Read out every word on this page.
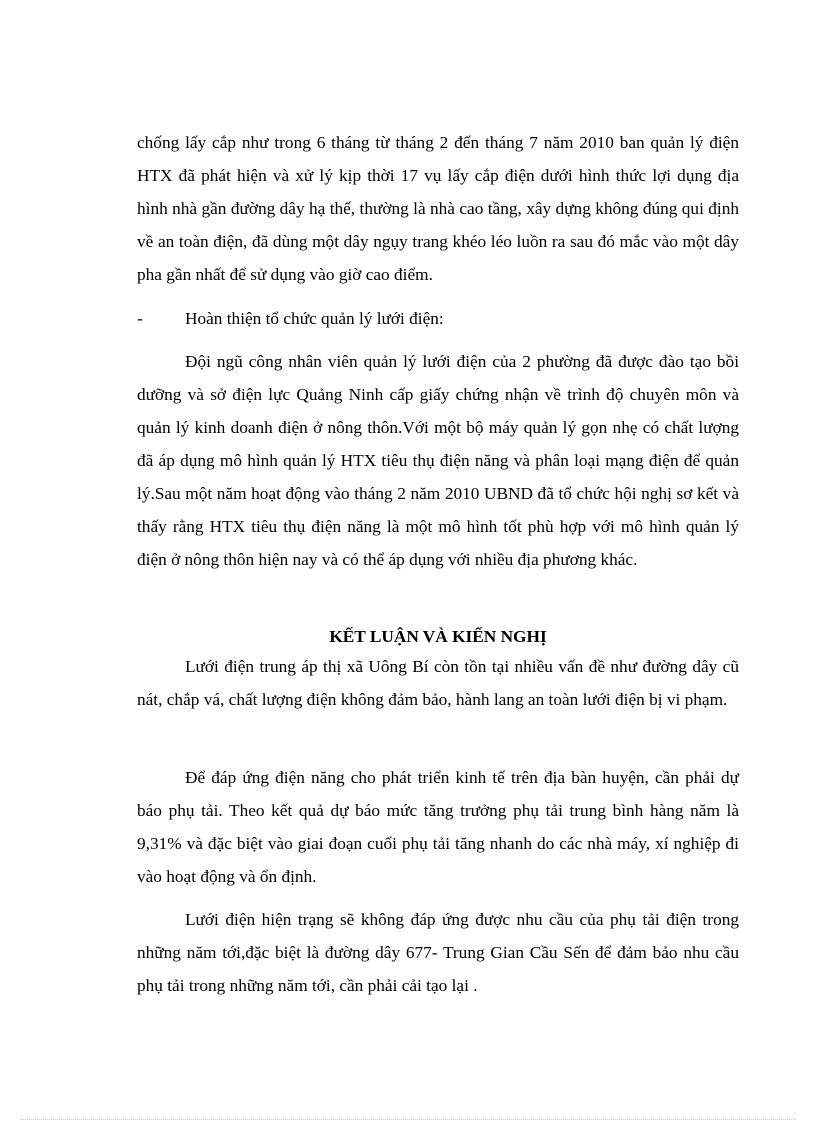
chống lấy cắp như trong 6 tháng từ tháng 2 đến tháng 7 năm 2010 ban quản lý điện HTX đã phát hiện và xử lý kịp thời 17 vụ lấy cắp điện dưới hình thức lợi dụng địa hình nhà gần đường dây hạ thế, thường là nhà cao tầng, xây dựng không đúng qui định về an toàn điện, đã dùng một dây ngụy trang khéo léo luồn ra sau đó mắc vào một dây pha gần nhất để sử dụng vào giờ cao điểm.

- Hoàn thiện tổ chức quản lý lưới điện:

Đội ngũ công nhân viên quản lý lưới điện của 2 phường đã được đào tạo bồi dưỡng và sở điện lực Quảng Ninh cấp giấy chứng nhận về trình độ chuyên môn và quản lý kinh doanh điện ở nông thôn.Với một bộ máy quản lý gọn nhẹ có chất lượng đã áp dụng mô hình quản lý HTX tiêu thụ điện năng và phân loại mạng điện để quản lý.Sau một năm hoạt động vào tháng 2 năm 2010 UBND đã tổ chức hội nghị sơ kết và thấy rằng HTX tiêu thụ điện năng là một mô hình tốt phù hợp với mô hình quản lý điện ở nông thôn hiện nay và có thể áp dụng với nhiều địa phương khác.

KẾT LUẬN VÀ KIẾN NGHỊ

Lưới điện trung áp thị xã Uông Bí còn tồn tại nhiều vấn đề như đường dây cũ nát, chắp vá, chất lượng điện không đảm bảo, hành lang an toàn lưới điện bị vi phạm.

Để đáp ứng điện năng cho phát triển kinh tế trên địa bàn huyện, cần phải dự báo phụ tải. Theo kết quả dự báo mức tăng trưởng phụ tải trung bình hàng năm là 9,31% và đặc biệt vào giai đoạn cuối phụ tải tăng nhanh do các nhà máy, xí nghiệp đi vào hoạt động và ổn định.

Lưới điện hiện trạng sẽ không đáp ứng được nhu cầu của phụ tải điện trong những năm tới,đặc biệt là đường dây 677- Trung Gian Cầu Sến để đảm bảo nhu cầu phụ tải trong những năm tới, cần phải cải tạo lại .
